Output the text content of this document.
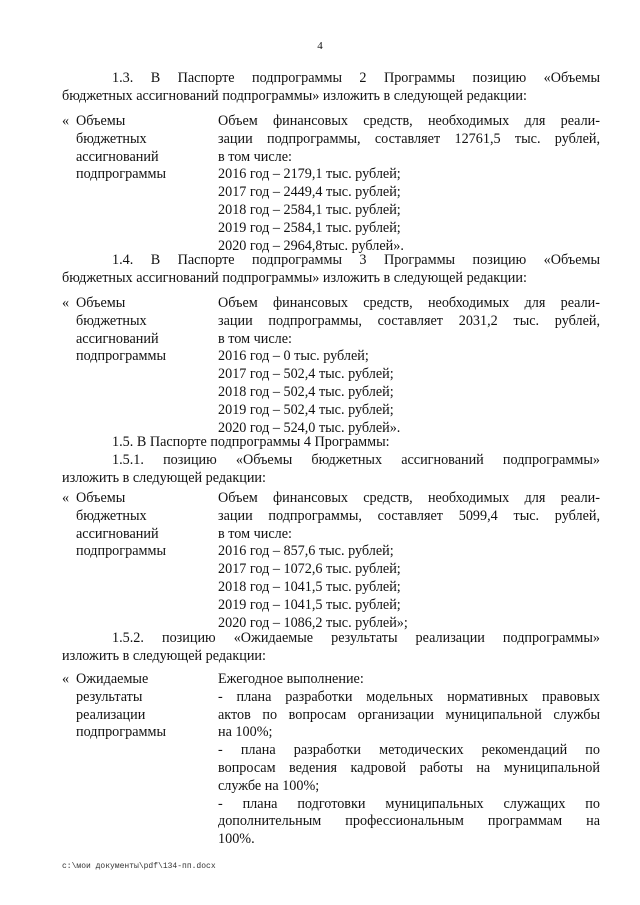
4
1.3. В Паспорте подпрограммы 2 Программы позицию «Объемы
бюджетных ассигнований подпрограммы» изложить в следующей редакции:
« Объемы
бюджетных
ассигнований
подпрограммы
Объем финансовых средств, необходимых для реали-
зации подпрограммы, составляет 12761,5 тыс. рублей,
в том числе:
2016 год – 2179,1 тыс. рублей;
2017 год – 2449,4 тыс. рублей;
2018 год – 2584,1 тыс. рублей;
2019 год – 2584,1 тыс. рублей;
2020 год – 2964,8тыс. рублей».
1.4. В Паспорте подпрограммы 3 Программы позицию «Объемы
бюджетных ассигнований подпрограммы» изложить в следующей редакции:
« Объемы
бюджетных
ассигнований
подпрограммы
Объем финансовых средств, необходимых для реали-
зации подпрограммы, составляет 2031,2 тыс. рублей,
в том числе:
2016 год – 0 тыс. рублей;
2017 год – 502,4 тыс. рублей;
2018 год – 502,4 тыс. рублей;
2019 год – 502,4 тыс. рублей;
2020 год – 524,0 тыс. рублей».
1.5. В Паспорте подпрограммы 4 Программы:
1.5.1. позицию «Объемы бюджетных ассигнований подпрограммы»
изложить в следующей редакции:
« Объемы
бюджетных
ассигнований
подпрограммы
Объем финансовых средств, необходимых для реали-
зации подпрограммы, составляет 5099,4 тыс. рублей,
в том числе:
2016 год – 857,6 тыс. рублей;
2017 год – 1072,6 тыс. рублей;
2018 год – 1041,5 тыс. рублей;
2019 год – 1041,5 тыс. рублей;
2020 год – 1086,2 тыс. рублей»;
1.5.2. позицию «Ожидаемые результаты реализации подпрограммы»
изложить в следующей редакции:
« Ожидаемые
результаты
реализации
подпрограммы
Ежегодное выполнение:
- плана разработки модельных нормативных правовых
актов по вопросам организации муниципальной службы
на 100%;
- плана разработки методических рекомендаций по
вопросам ведения кадровой работы на муниципальной
службе на 100%;
- плана подготовки муниципальных служащих по
дополнительным профессиональным программам на
100%.
c:\мои документы\pdf\134-пп.docx
